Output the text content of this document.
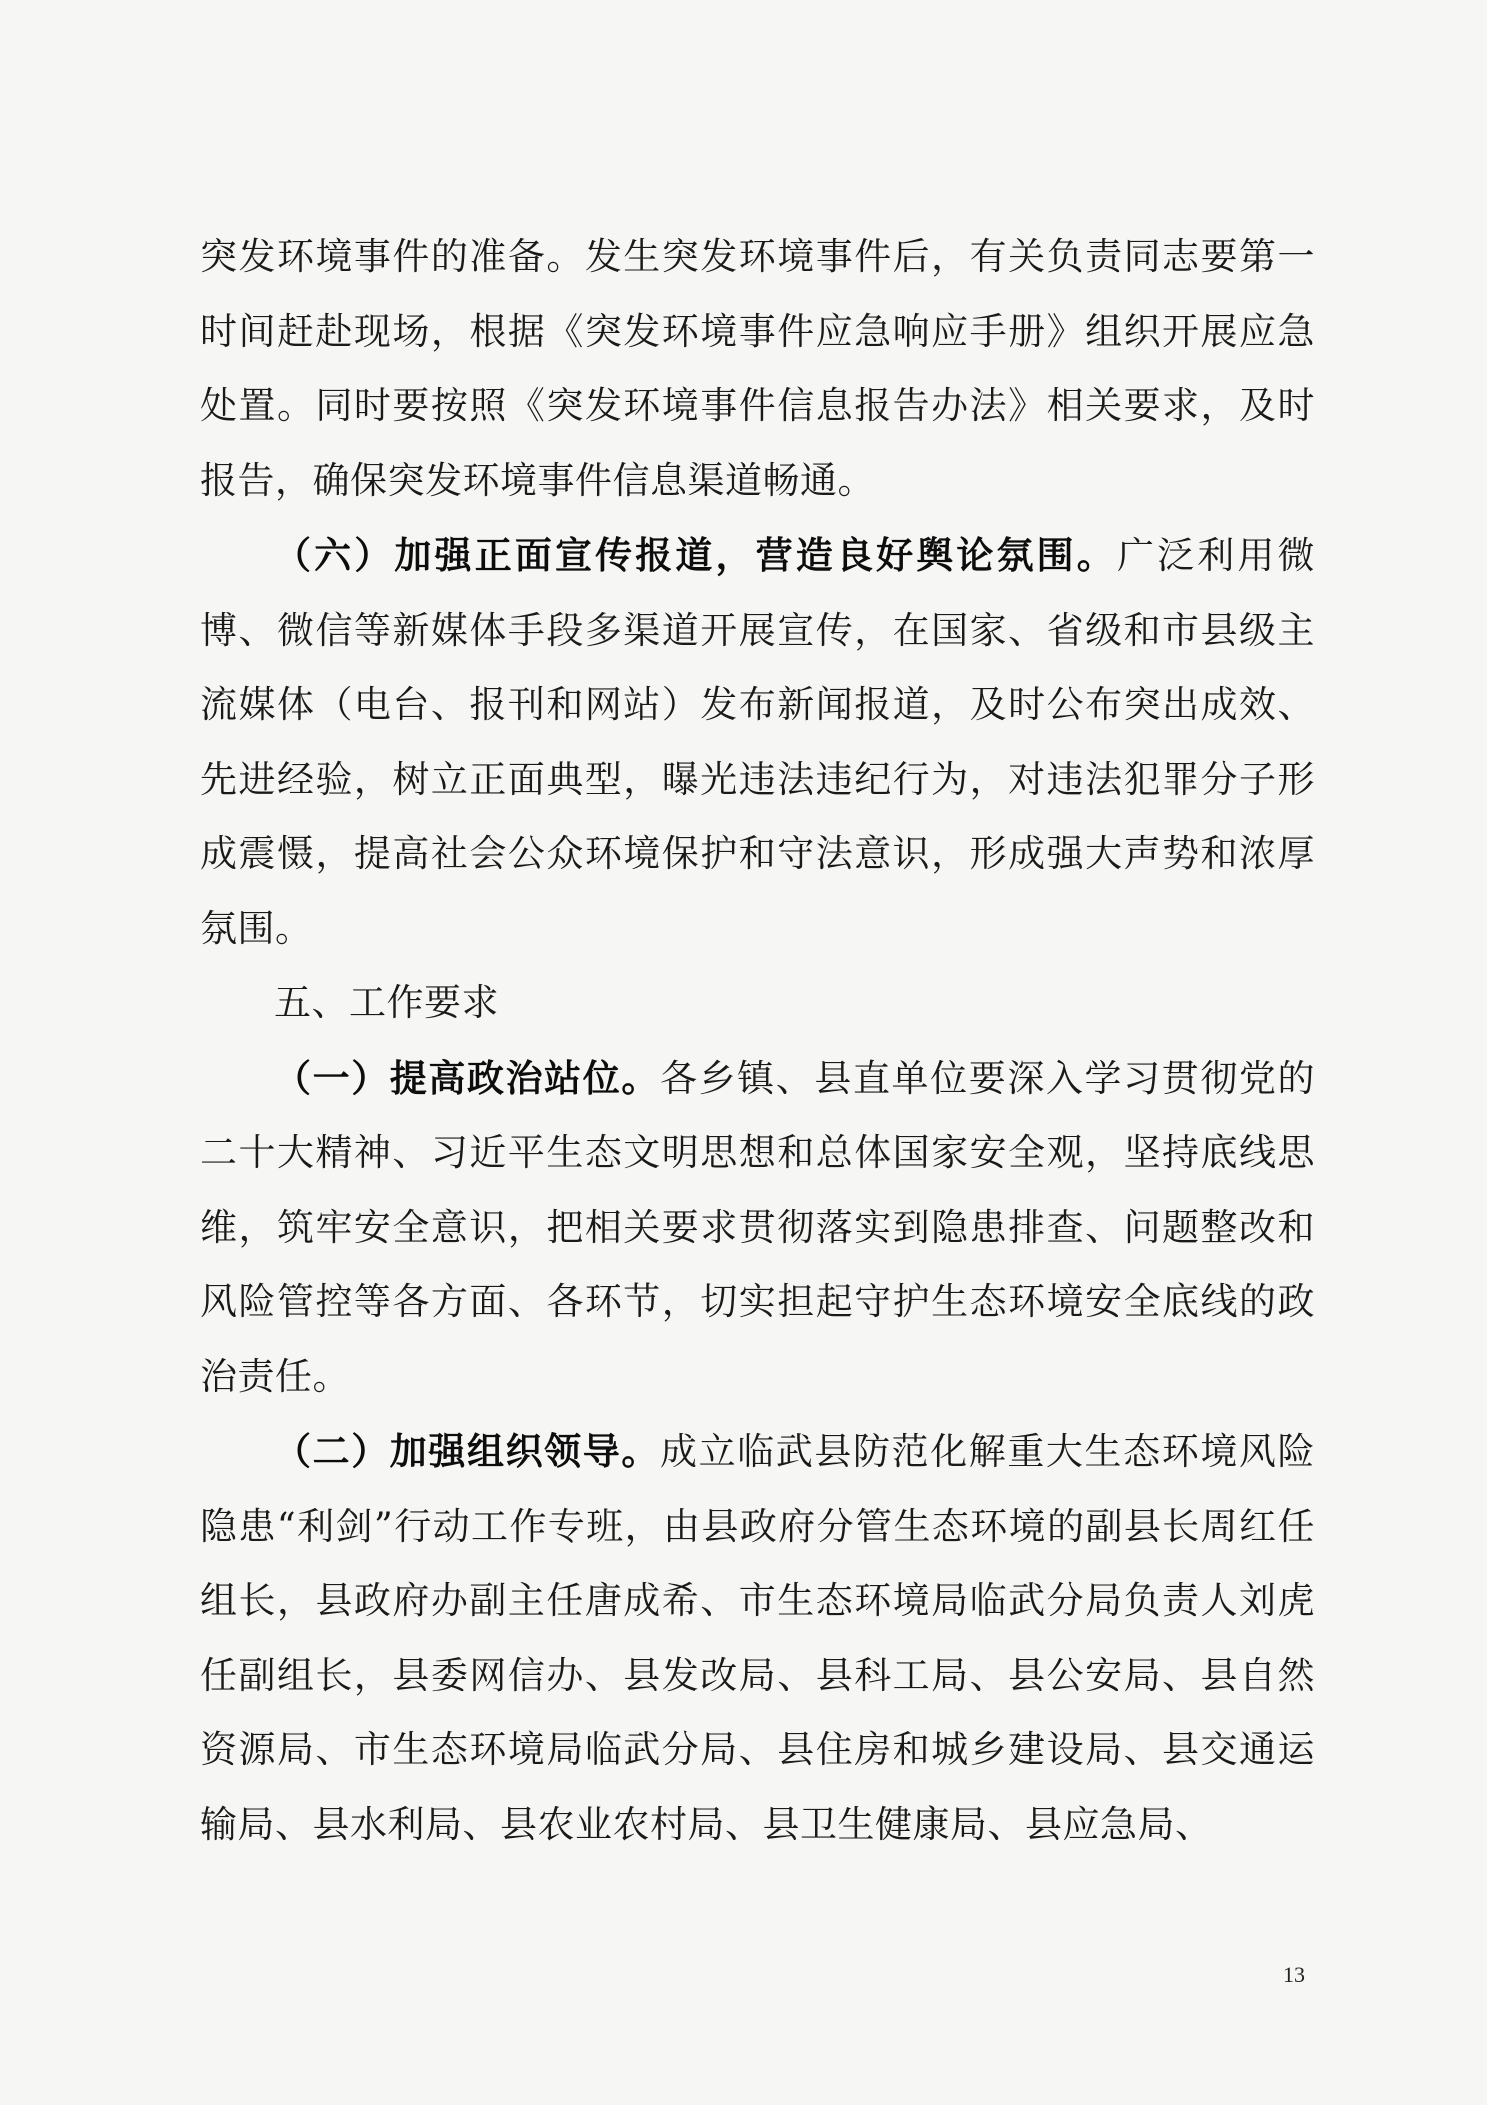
突发环境事件的准备。发生突发环境事件后，有关负责同志要第一时间赶赴现场，根据《突发环境事件应急响应手册》组织开展应急处置。同时要按照《突发环境事件信息报告办法》相关要求，及时报告，确保突发环境事件信息渠道畅通。

（六）加强正面宣传报道，营造良好舆论氛围。广泛利用微博、微信等新媒体手段多渠道开展宣传，在国家、省级和市县级主流媒体（电台、报刊和网站）发布新闻报道，及时公布突出成效、先进经验，树立正面典型，曝光违法违纪行为，对违法犯罪分子形成震慑，提高社会公众环境保护和守法意识，形成强大声势和浓厚氛围。

五、工作要求

（一）提高政治站位。各乡镇、县直单位要深入学习贯彻党的二十大精神、习近平生态文明思想和总体国家安全观，坚持底线思维，筑牢安全意识，把相关要求贯彻落实到隐患排查、问题整改和风险管控等各方面、各环节，切实担起守护生态环境安全底线的政治责任。

（二）加强组织领导。成立临武县防范化解重大生态环境风险隐患“利剑”行动工作专班，由县政府分管生态环境的副县长周红任组长，县政府办副主任唐成希、市生态环境局临武分局负责人刘虎任副组长，县委网信办、县发改局、县科工局、县公安局、县自然资源局、市生态环境局临武分局、县住房和城乡建设局、县交通运输局、县水利局、县农业农村局、县卫生健康局、县应急局、

13
